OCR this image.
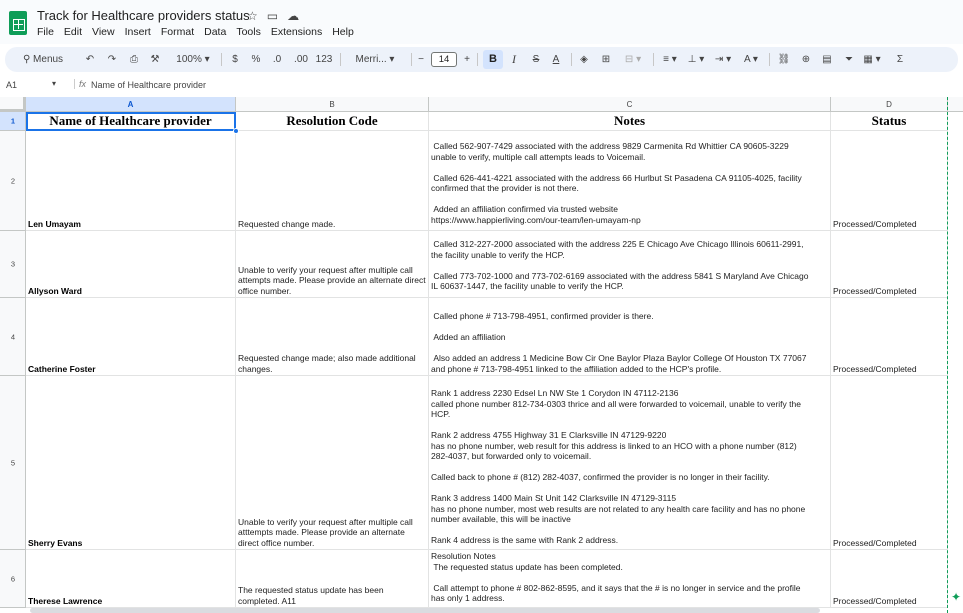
Track for Healthcare providers status
☆ ▭ ☁
File Edit View Insert Format Data Tools Extensions Help
⚲ Menus	↶ ↷	⎙	⚒	100% ▾	$	%	.0	.00 123	Merri... ▾	−	14	+	B	I	S	A	◈	⊞	⊟ ▾	≡ ▾	⊥ ▾	⇥ ▾	A ▾	⛓ ⊕ ▤	⏷	▦ ▾	Σ
A1	▾	fx Name of Healthcare provider
A	B	C	D
1	Name of Healthcare provider	Resolution Code	Notes	Status
2
Len Umayam	Requested change made.
Called 562-907-7429 associated with the address 9829 Carmenita Rd Whittier CA 90605-3229
unable to verify, multiple call attempts leads to Voicemail.

Called 626-441-4221 associated with the address 66 Hurlbut St Pasadena CA 91105-4025, facility
confirmed that the provider is not there.

Added an affiliation confirmed via trusted website
https://www.happierliving.com/our-team/len-umayam-np	Processed/Completed
3
Allyson Ward
Unable to verify your request after multiple call attempts made. Please provide an alternate direct office number.
Called 312-227-2000 associated with the address 225 E Chicago Ave Chicago Illinois 60611-2991,
the facility unable to verify the HCP.

Called 773-702-1000 and 773-702-6169 associated with the address 5841 S Maryland Ave Chicago
IL 60637-1447, the facility unable to verify the HCP.	Processed/Completed
4
Catherine Foster
Requested change made; also made additional changes.
Called phone # 713-798-4951, confirmed provider is there.

Added an affiliation

Also added an address 1 Medicine Bow Cir One Baylor Plaza Baylor College Of Houston TX 77067
and phone # 713-798-4951 linked to the affiliation added to the HCP's profile.	Processed/Completed
5
Sherry Evans
Unable to verify your request after multiple call atttempts made. Please provide an alternate direct office number.
Rank 1 address 2230 Edsel Ln NW Ste 1 Corydon IN 47112-2136
called phone number 812-734-0303 thrice and all were forwarded to voicemail, unable to verify the
HCP.

Rank 2 address 4755 Highway 31 E Clarksville IN 47129-9220
has no phone number, web result for this address is linked to an HCO with a phone number (812)
282-4037, but forwarded only to voicemail.

Called back to phone # (812) 282-4037, confirmed the provider is no longer in their facility.

Rank 3 address 1400 Main St Unit 142 Clarksville IN 47129-3115
has no phone number, most web results are not related to any health care facility and has no phone
number available, this will be inactive

Rank 4 address is the same with Rank 2 address.	Processed/Completed
6
Therese Lawrence
The requested status update has been completed. A11
Resolution Notes
The requested status update has been completed.

Call attempt to phone # 802-862-8595, and it says that the # is no longer in service and the profile
has only 1 address.	Processed/Completed	✦
